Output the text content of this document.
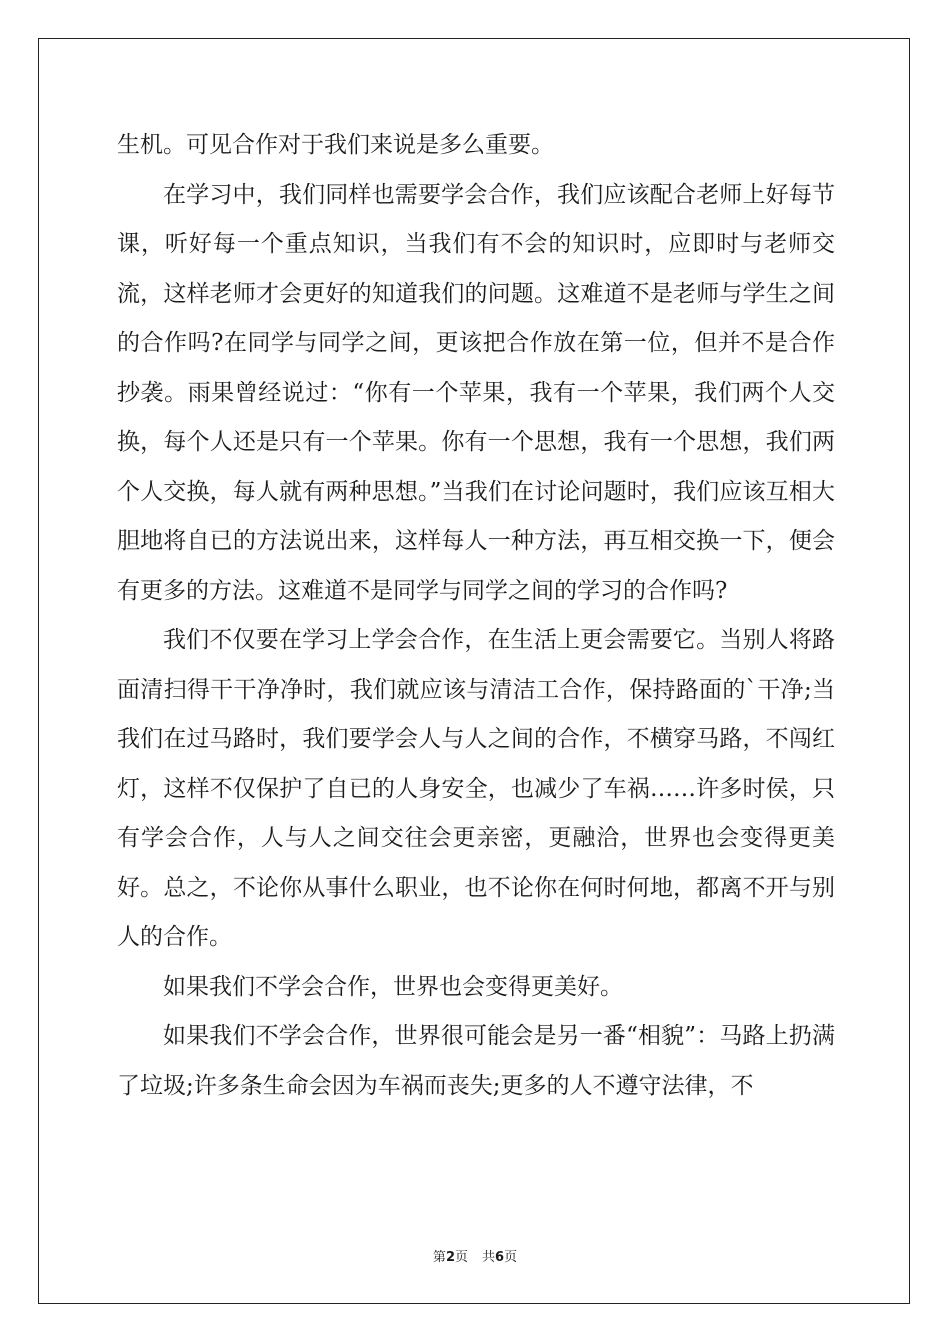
生机。可见合作对于我们来说是多么重要。

在学习中，我们同样也需要学会合作，我们应该配合老师上好每节课，听好每一个重点知识，当我们有不会的知识时，应即时与老师交流，这样老师才会更好的知道我们的问题。这难道不是老师与学生之间的合作吗?在同学与同学之间，更该把合作放在第一位，但并不是合作抄袭。雨果曾经说过：“你有一个苹果，我有一个苹果，我们两个人交换，每个人还是只有一个苹果。你有一个思想，我有一个思想，我们两个人交换，每人就有两种思想。”当我们在讨论问题时，我们应该互相大胆地将自已的方法说出来，这样每人一种方法，再互相交换一下，便会有更多的方法。这难道不是同学与同学之间的学习的合作吗?

我们不仅要在学习上学会合作，在生活上更会需要它。当别人将路面清扫得干干净净时，我们就应该与清洁工合作，保持路面的`干净;当我们在过马路时，我们要学会人与人之间的合作，不横穿马路，不闯红灯，这样不仅保护了自已的人身安全，也减少了车祸……许多时侯，只有学会合作，人与人之间交往会更亲密，更融洽，世界也会变得更美好。总之，不论你从事什么职业，也不论你在何时何地，都离不开与别人的合作。

如果我们不学会合作，世界也会变得更美好。

如果我们不学会合作，世界很可能会是另一番“相貌”：马路上扔满了垃圾;许多条生命会因为车祸而丧失;更多的人不遵守法律，不

第2页 共6页
